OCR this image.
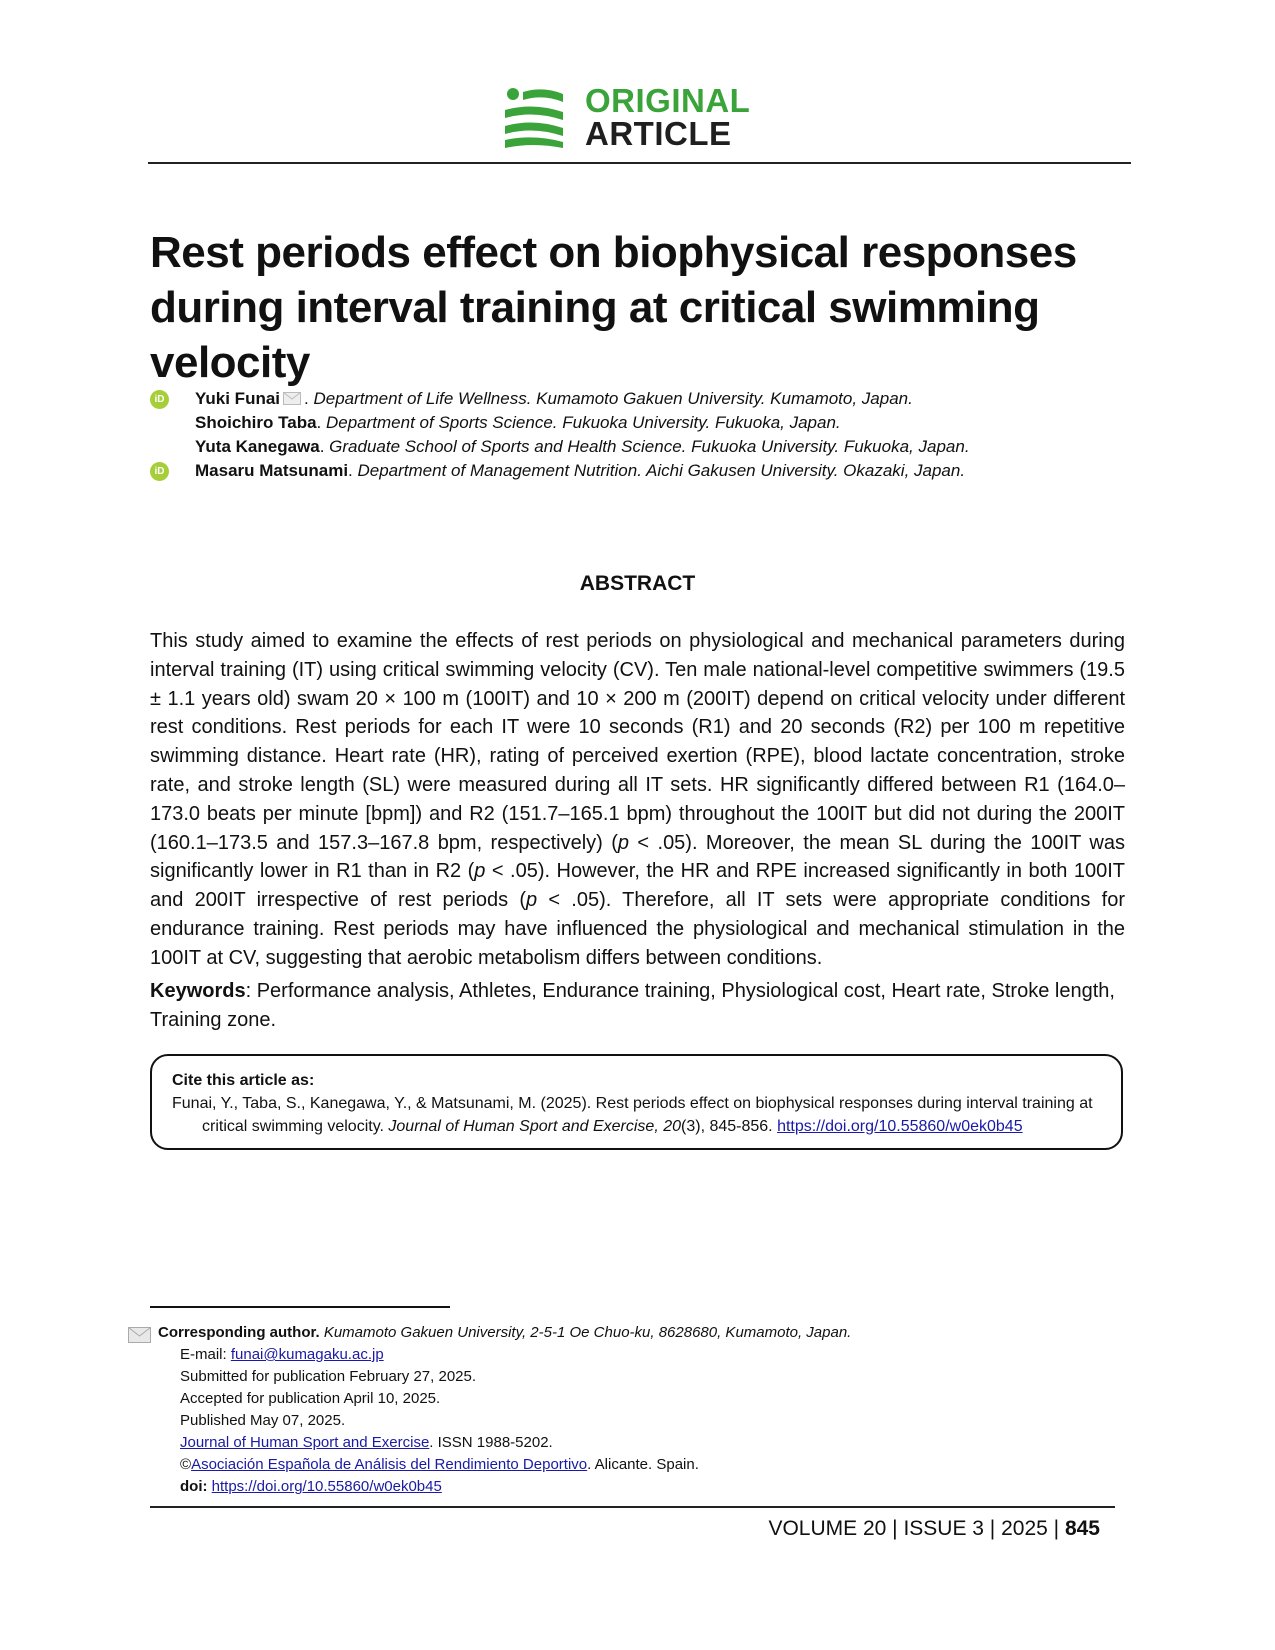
ORIGINAL
ARTICLE
Rest periods effect on biophysical responses during interval training at critical swimming velocity
iD Yuki Funai . Department of Life Wellness. Kumamoto Gakuen University. Kumamoto, Japan.
Shoichiro Taba. Department of Sports Science. Fukuoka University. Fukuoka, Japan.
Yuta Kanegawa. Graduate School of Sports and Health Science. Fukuoka University. Fukuoka, Japan.
iD Masaru Matsunami. Department of Management Nutrition. Aichi Gakusen University. Okazaki, Japan.
ABSTRACT

This study aimed to examine the effects of rest periods on physiological and mechanical parameters during interval training (IT) using critical swimming velocity (CV). Ten male national-level competitive swimmers (19.5 ± 1.1 years old) swam 20 × 100 m (100IT) and 10 × 200 m (200IT) depend on critical velocity under different rest conditions. Rest periods for each IT were 10 seconds (R1) and 20 seconds (R2) per 100 m repetitive swimming distance. Heart rate (HR), rating of perceived exertion (RPE), blood lactate concentration, stroke rate, and stroke length (SL) were measured during all IT sets. HR significantly differed between R1 (164.0–173.0 beats per minute [bpm]) and R2 (151.7–165.1 bpm) throughout the 100IT but did not during the 200IT (160.1–173.5 and 157.3–167.8 bpm, respectively) (p < .05). Moreover, the mean SL during the 100IT was significantly lower in R1 than in R2 (p < .05). However, the HR and RPE increased significantly in both 100IT and 200IT irrespective of rest periods (p < .05). Therefore, all IT sets were appropriate conditions for endurance training. Rest periods may have influenced the physiological and mechanical stimulation in the 100IT at CV, suggesting that aerobic metabolism differs between conditions.

Keywords: Performance analysis, Athletes, Endurance training, Physiological cost, Heart rate, Stroke length, Training zone.

Cite this article as:
Funai, Y., Taba, S., Kanegawa, Y., & Matsunami, M. (2025). Rest periods effect on biophysical responses during interval training at critical swimming velocity. Journal of Human Sport and Exercise, 20(3), 845-856. https://doi.org/10.55860/w0ek0b45
Corresponding author. Kumamoto Gakuen University, 2-5-1 Oe Chuo-ku, 8628680, Kumamoto, Japan.
E-mail: funai@kumagaku.ac.jp
Submitted for publication February 27, 2025.
Accepted for publication April 10, 2025.
Published May 07, 2025.
Journal of Human Sport and Exercise. ISSN 1988-5202.
©Asociación Española de Análisis del Rendimiento Deportivo. Alicante. Spain.
doi: https://doi.org/10.55860/w0ek0b45
VOLUME 20 | ISSUE 3 | 2025 | 845
